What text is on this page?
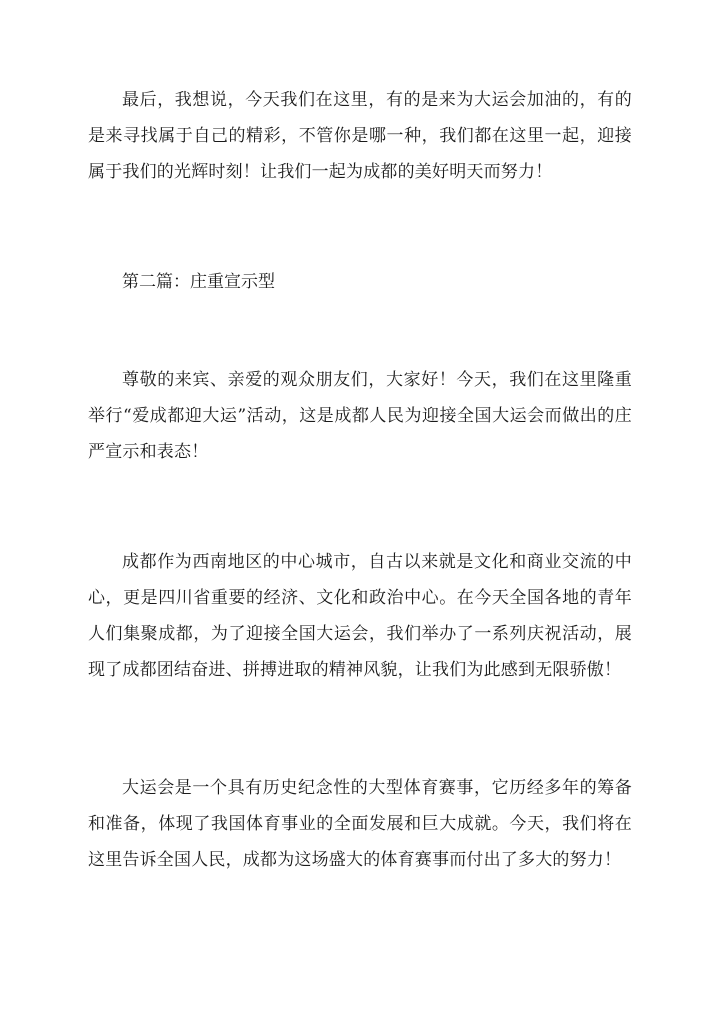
最后，我想说，今天我们在这里，有的是来为大运会加油的，有的是来寻找属于自己的精彩，不管你是哪一种，我们都在这里一起，迎接属于我们的光辉时刻！让我们一起为成都的美好明天而努力！

第二篇：庄重宣示型

尊敬的来宾、亲爱的观众朋友们，大家好！今天，我们在这里隆重举行“爱成都迎大运”活动，这是成都人民为迎接全国大运会而做出的庄严宣示和表态！

成都作为西南地区的中心城市，自古以来就是文化和商业交流的中心，更是四川省重要的经济、文化和政治中心。在今天全国各地的青年人们集聚成都，为了迎接全国大运会，我们举办了一系列庆祝活动，展现了成都团结奋进、拼搏进取的精神风貌，让我们为此感到无限骄傲！

大运会是一个具有历史纪念性的大型体育赛事，它历经多年的筹备和准备，体现了我国体育事业的全面发展和巨大成就。今天，我们将在这里告诉全国人民，成都为这场盛大的体育赛事而付出了多大的努力！
